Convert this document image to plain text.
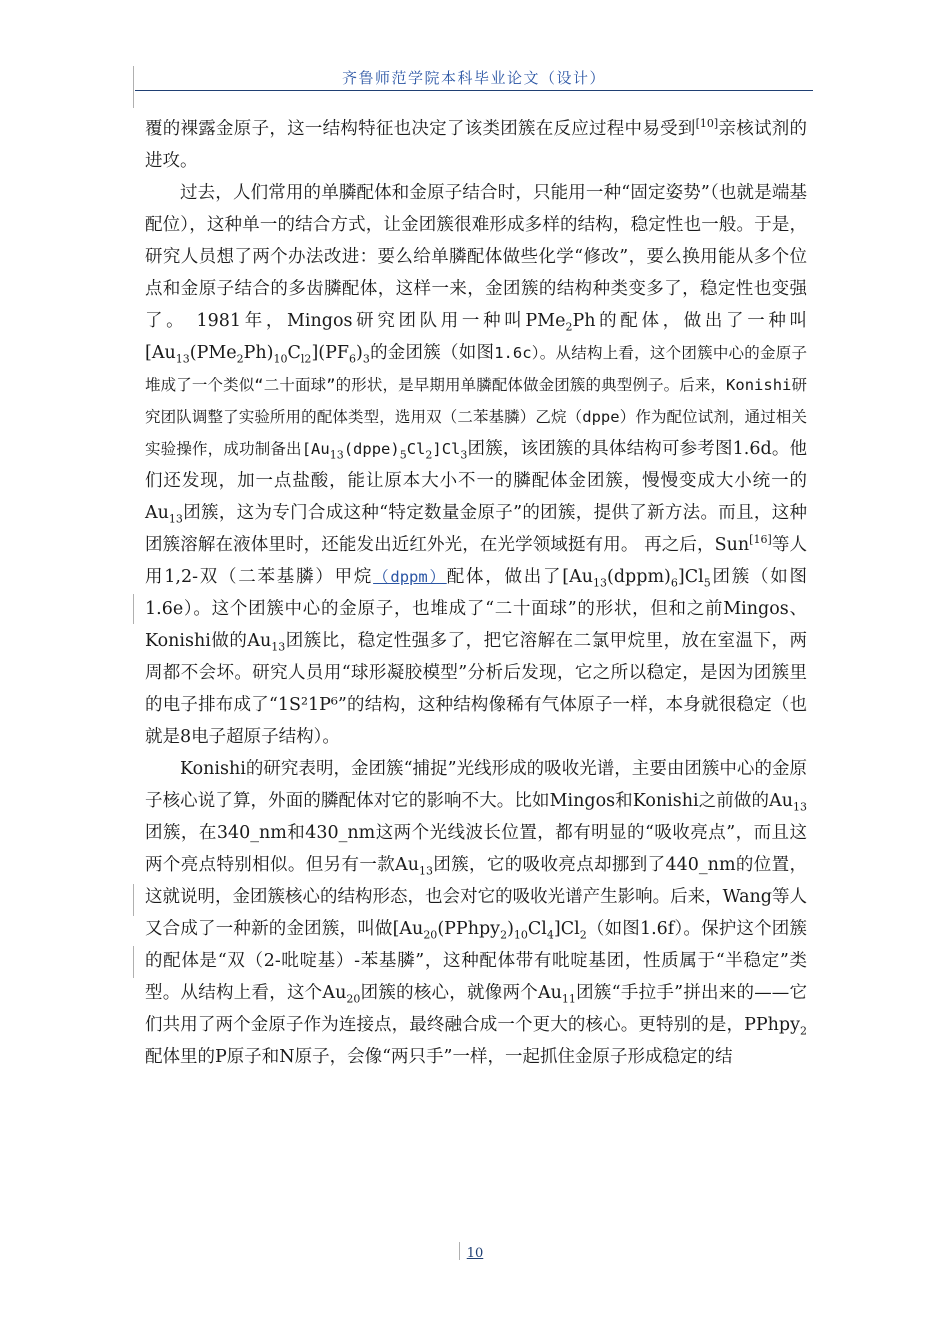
齐鲁师范学院本科毕业论文（设计）

覆的裸露金原子，这一结构特征也决定了该类团簇在反应过程中易受到[10]亲核试剂的进攻。

过去，人们常用的单膦配体和金原子结合时，只能用一种“固定姿势”（也就是端基配位），这种单一的结合方式，让金团簇很难形成多样的结构，稳定性也一般。于是，研究人员想了两个办法改进：要么给单膦配体做些化学“修改”，要么换用能从多个位点和金原子结合的多齿膦配体，这样一来，金团簇的结构种类变多了，稳定性也变强了。 1981年，Mingos研究团队用一种叫PMe$_2$Ph的配体，做出了一种叫$[Au_{13}(PMe_2Ph)_{10}C_{l2}](PF_6)_3$的金团簇（如图1.6c）。从结构上看，这个团簇中心的金原子堆成了一个类似“二十面球”的形状，是早期用单膦配体做金团簇的典型例子。后来，Konishi研究团队调整了实验所用的配体类型，选用双（二苯基膦）乙烷（dppe）作为配位试剂，通过相关实验操作，成功制备出$[Au_{13}(dppe)_5Cl_2]Cl_3$团簇，该团簇的具体结构可参考图1.6d。他们还发现，加一点盐酸，能让原本大小不一的膦配体金团簇，慢慢变成大小统一的$Au_{13}$团簇，这为专门合成这种“特定数量金原子”的团簇，提供了新方法。而且，这种团簇溶解在液体里时，还能发出近红外光，在光学领域挺有用。 再之后，Sun[16]等人用1,2-双（二苯基膦）甲烷（dppm）配体，做出了$[Au_{13}(dppm)_6]Cl_5$团簇（如图1.6e）。这个团簇中心的金原子，也堆成了“二十面球”的形状，但和之前Mingos、Konishi做的$Au_{13}$团簇比，稳定性强多了，把它溶解在二氯甲烷里，放在室温下，两周都不会坏。研究人员用“球形凝胶模型”分析后发现，它之所以稳定，是因为团簇里的电子排布成了“1S²1P⁶”的结构，这种结构像稀有气体原子一样，本身就很稳定（也就是8电子超原子结构）。

Konishi的研究表明，金团簇“捕捉”光线形成的吸收光谱，主要由团簇中心的金原子核心说了算，外面的膦配体对它的影响不大。比如Mingos和Konishi之前做的$Au_{13}$团簇，在340_nm和430_nm这两个光线波长位置，都有明显的“吸收亮点”，而且这两个亮点特别相似。但另有一款$Au_{13}$团簇，它的吸收亮点却挪到了440_nm的位置，这就说明，金团簇核心的结构形态，也会对它的吸收光谱产生影响。后来，Wang等人又合成了一种新的金团簇，叫做$[Au_{20}(PPhpy_2)_{10}Cl_4]Cl_2$（如图1.6f）。保护这个团簇的配体是“双（2-吡啶基）-苯基膦”，这种配体带有吡啶基团，性质属于“半稳定”类型。从结构上看，这个$Au_{20}$团簇的核心，就像两个$Au_{11}$团簇“手拉手”拼出来的——它们共用了两个金原子作为连接点，最终融合成一个更大的核心。更特别的是，PPhpy$_2$配体里的P原子和N原子，会像“两只手”一样，一起抓住金原子形成稳定的结

10
